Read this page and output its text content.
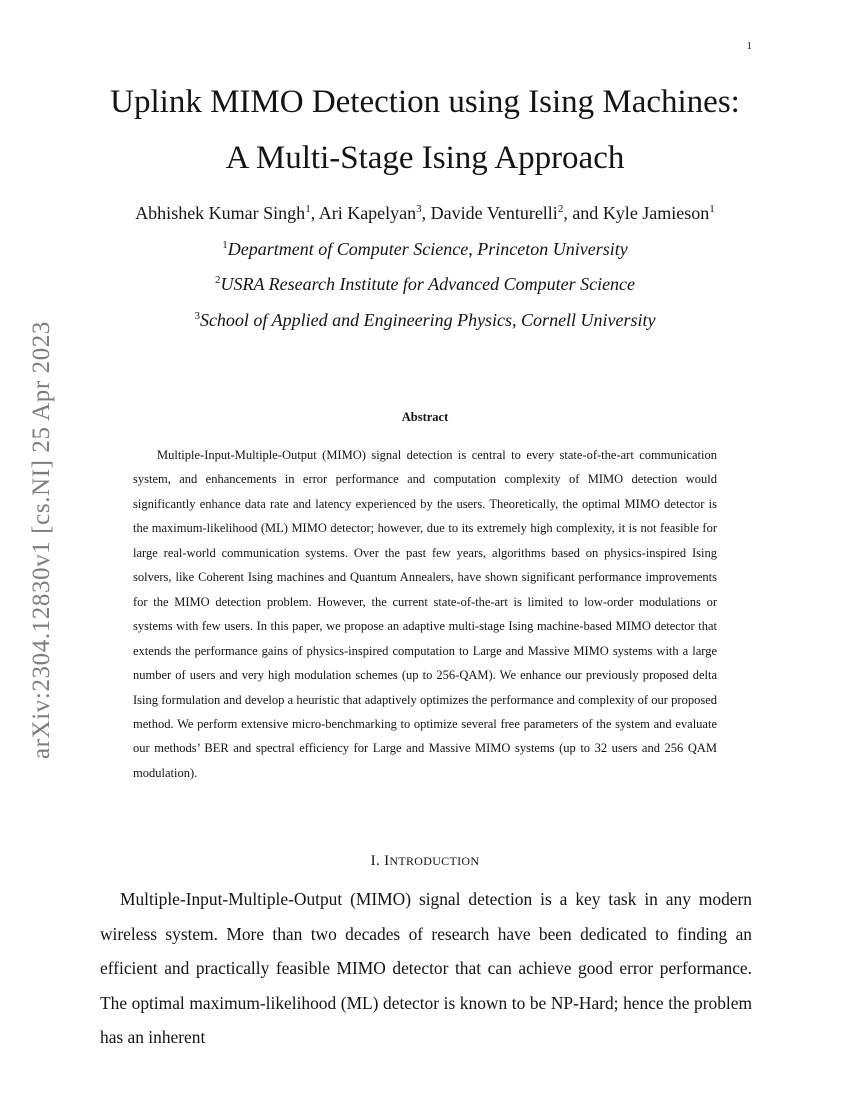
1
arXiv:2304.12830v1 [cs.NI] 25 Apr 2023
Uplink MIMO Detection using Ising Machines:
A Multi-Stage Ising Approach
Abhishek Kumar Singh$^1$, Ari Kapelyan$^3$, Davide Venturelli$^2$, and Kyle Jamieson$^1$
$^1$Department of Computer Science, Princeton University
$^2$USRA Research Institute for Advanced Computer Science
$^3$School of Applied and Engineering Physics, Cornell University
Abstract

Multiple-Input-Multiple-Output (MIMO) signal detection is central to every state-of-the-art communication system, and enhancements in error performance and computation complexity of MIMO detection would significantly enhance data rate and latency experienced by the users. Theoretically, the optimal MIMO detector is the maximum-likelihood (ML) MIMO detector; however, due to its extremely high complexity, it is not feasible for large real-world communication systems. Over the past few years, algorithms based on physics-inspired Ising solvers, like Coherent Ising machines and Quantum Annealers, have shown significant performance improvements for the MIMO detection problem. However, the current state-of-the-art is limited to low-order modulations or systems with few users. In this paper, we propose an adaptive multi-stage Ising machine-based MIMO detector that extends the performance gains of physics-inspired computation to Large and Massive MIMO systems with a large number of users and very high modulation schemes (up to 256-QAM). We enhance our previously proposed delta Ising formulation and develop a heuristic that adaptively optimizes the performance and complexity of our proposed method. We perform extensive micro-benchmarking to optimize several free parameters of the system and evaluate our methods’ BER and spectral efficiency for Large and Massive MIMO systems (up to 32 users and 256 QAM modulation).

I. INTRODUCTION

Multiple-Input-Multiple-Output (MIMO) signal detection is a key task in any modern wireless system. More than two decades of research have been dedicated to finding an efficient and practically feasible MIMO detector that can achieve good error performance. The optimal maximum-likelihood (ML) detector is known to be NP-Hard; hence the problem has an inherent
